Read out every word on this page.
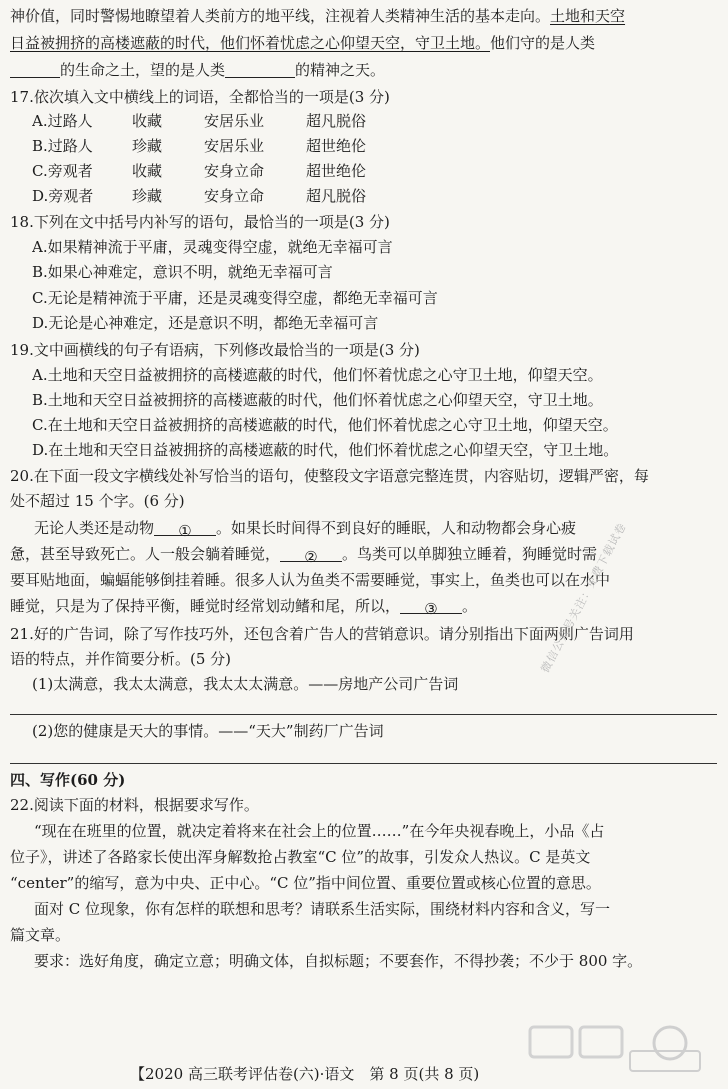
神价值，同时警惕地瞭望着人类前方的地平线，注视着人类精神生活的基本走向。土地和天空
日益被拥挤的高楼遮蔽的时代，他们怀着忧虑之心仰望天空，守卫土地。他们守的是人类
的生命之土，望的是人类	的精神之天。
17.依次填入文中横线上的词语，全都恰当的一项是(3 分)
A.过路人	收藏	安居乐业	超凡脱俗
B.过路人	珍藏	安居乐业	超世绝伦
C.旁观者	收藏	安身立命	超世绝伦
D.旁观者	珍藏	安身立命	超凡脱俗
18.下列在文中括号内补写的语句，最恰当的一项是(3 分)
A.如果精神流于平庸，灵魂变得空虚，就绝无幸福可言
B.如果心神难定，意识不明，就绝无幸福可言
C.无论是精神流于平庸，还是灵魂变得空虚，都绝无幸福可言
D.无论是心神难定，还是意识不明，都绝无幸福可言
19.文中画横线的句子有语病，下列修改最恰当的一项是(3 分)
A.土地和天空日益被拥挤的高楼遮蔽的时代，他们怀着忧虑之心守卫土地，仰望天空。
B.土地和天空日益被拥挤的高楼遮蔽的时代，他们怀着忧虑之心仰望天空，守卫土地。
C.在土地和天空日益被拥挤的高楼遮蔽的时代，他们怀着忧虑之心守卫土地，仰望天空。
D.在土地和天空日益被拥挤的高楼遮蔽的时代，他们怀着忧虑之心仰望天空，守卫土地。
20.在下面一段文字横线处补写恰当的语句，使整段文字语意完整连贯，内容贴切，逻辑严密，每
处不超过 15 个字。(6 分)
无论人类还是动物 ① 。如果长时间得不到良好的睡眠，人和动物都会身心疲
惫，甚至导致死亡。人一般会躺着睡觉， ② 。鸟类可以单脚独立睡着，狗睡觉时需
要耳贴地面，蝙蝠能够倒挂着睡。很多人认为鱼类不需要睡觉，事实上，鱼类也可以在水中
睡觉，只是为了保持平衡，睡觉时经常划动鳍和尾，所以， ③ 。
21.好的广告词，除了写作技巧外，还包含着广告人的营销意识。请分别指出下面两则广告词用
语的特点，并作简要分析。(5 分)
(1)太满意，我太太满意，我太太太满意。——房地产公司广告词
(2)您的健康是天大的事情。——“天大”制药厂广告词
四、写作(60 分)
22.阅读下面的材料，根据要求写作。
“现在在班里的位置，就决定着将来在社会上的位置……”在今年央视春晚上，小品《占
位子》，讲述了各路家长使出浑身解数抢占教室“C 位”的故事，引发众人热议。C 是英文
“center”的缩写，意为中央、正中心。“C 位”指中间位置、重要位置或核心位置的意思。
面对 C 位现象，你有怎样的联想和思考？请联系生活实际，围绕材料内容和含义，写一
篇文章。
要求：选好角度，确定立意；明确文体，自拟标题；不要套作，不得抄袭；不少于 800 字。
微信公众号关注：免费下载试卷
【2020 高三联考评估卷(六)·语文　第 8 页(共 8 页)
